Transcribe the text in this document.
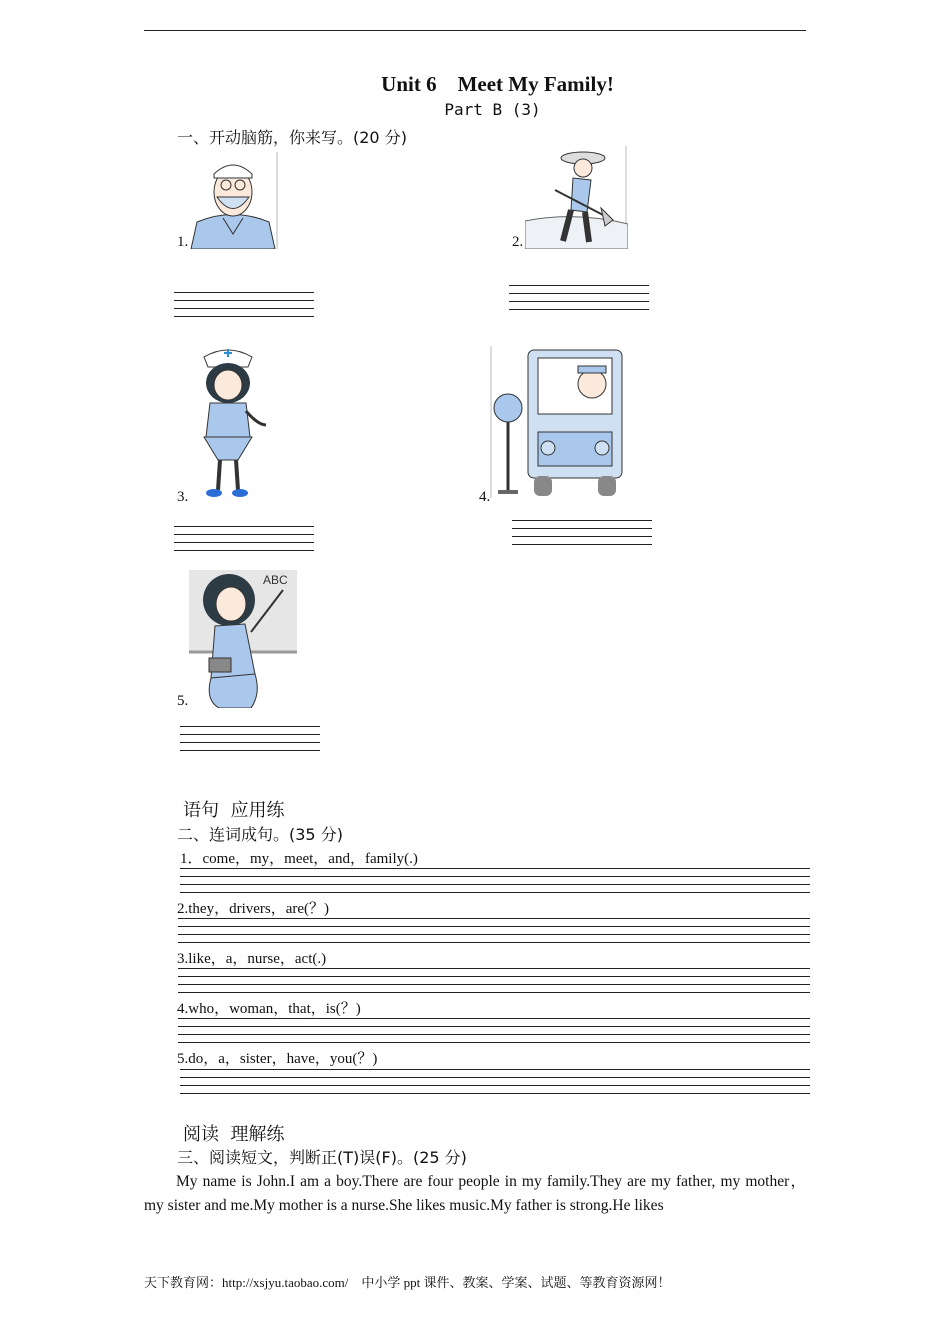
Unit 6    Meet My Family!
Part B (3)
一、开动脑筋，你来写。(20 分)
1.	2.
3.	4.
5.
ABC
语句  应用练
二、连词成句。(35 分)
1．come，my，meet，and，family(.)
2.they，drivers，are(？)
3.like，a，nurse，act(.)
4.who，woman，that，is(？)
5.do，a，sister，have，you(？)
阅读  理解练
三、阅读短文，判断正(T)误(F)。(25 分)
My name is John.I am a boy.There are four people in my family.They are my father, my mother， my sister and me.My mother is a nurse.She likes music.My father is strong.He likes
天下教育网：http://xsjyu.taobao.com/    中小学 ppt 课件、教案、学案、试题、等教育资源网！
